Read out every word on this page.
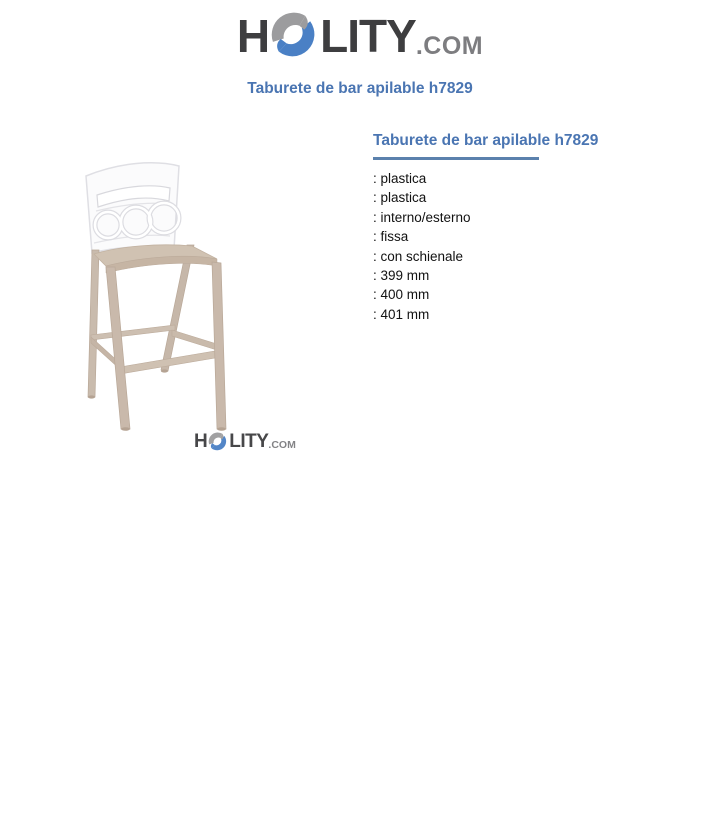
H LITY .COM
Taburete de bar apilable h7829
H LITY .COM
Taburete de bar apilable h7829
: plastica
: plastica
: interno/esterno
: fissa
: con schienale
: 399 mm
: 400 mm
: 401 mm
